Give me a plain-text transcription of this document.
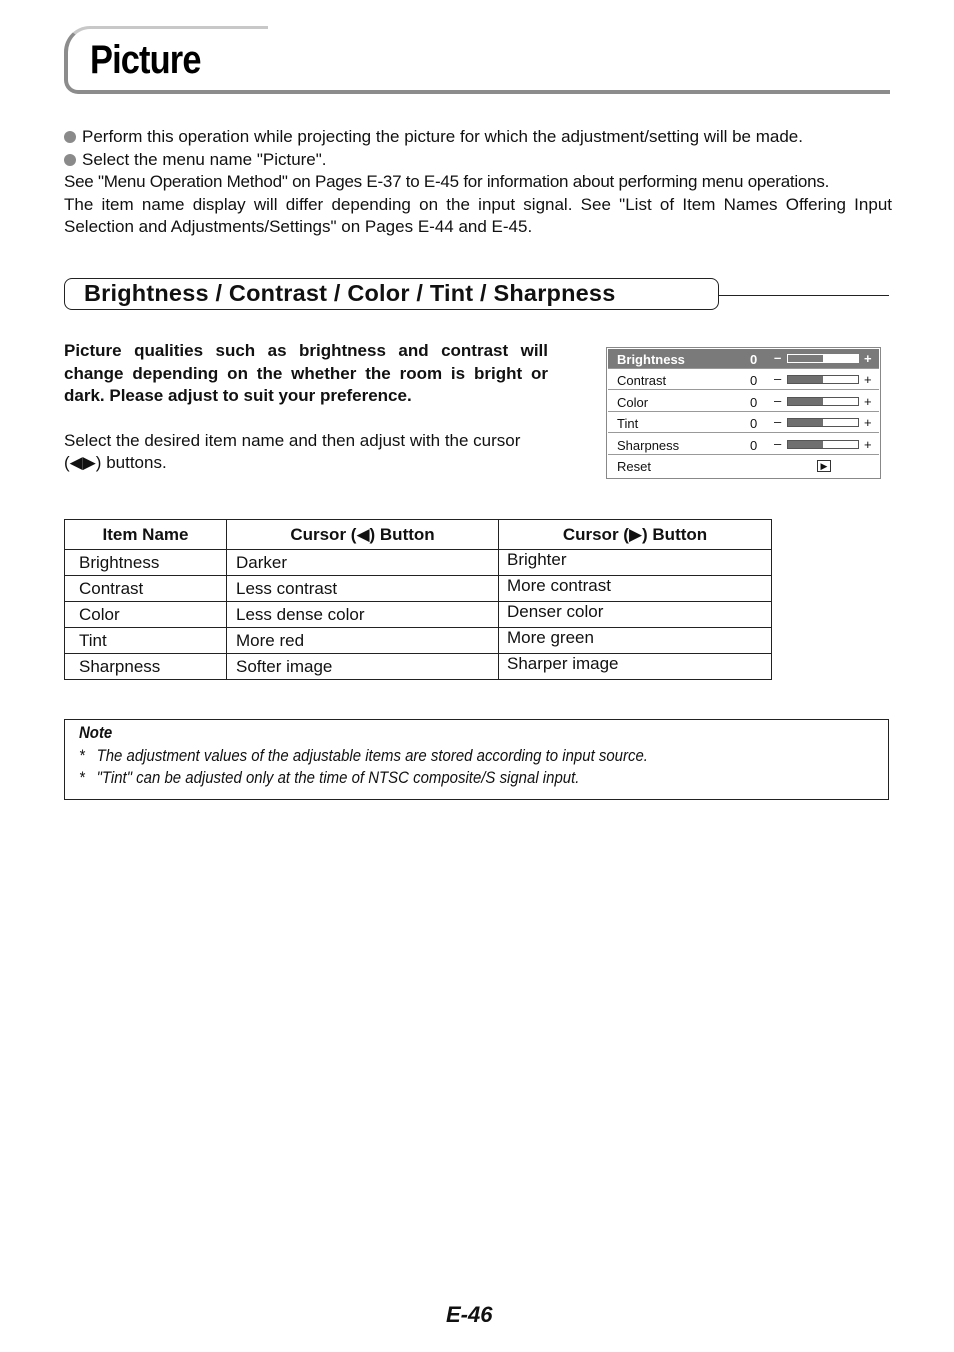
Picture

Perform this operation while projecting the picture for which the adjustment/setting will be made.

Select the menu name "Picture".

See "Menu Operation Method" on Pages E-37 to E-45 for information about performing menu operations.

The item name display will differ depending on the input signal. See "List of Item Names Offering Input Selection and Adjustments/Settings" on Pages E-44 and E-45.

Brightness / Contrast / Color / Tint / Sharpness

Picture qualities such as brightness and contrast will change depending on the whether the room is bright or dark. Please adjust to suit your preference.

Select the desired item name and then adjust with the cursor (◀▶) buttons.

Sharpness	0 –	+
Tint	0 –	+
Color	0 –	+
Contrast	0 –	+
Brightness	0 –	+
Reset	▶
Item Name	Cursor (◀) Button	Cursor (▶) Button
Brightness	Darker	Brighter
Contrast	Less contrast	More contrast
Color	Less dense color	Denser color
Tint	More red	More green
Sharpness	Softer image	Sharper image
Note
* The adjustment values of the adjustable items are stored according to input source.
* "Tint" can be adjusted only at the time of NTSC composite/S signal input.
E-46
